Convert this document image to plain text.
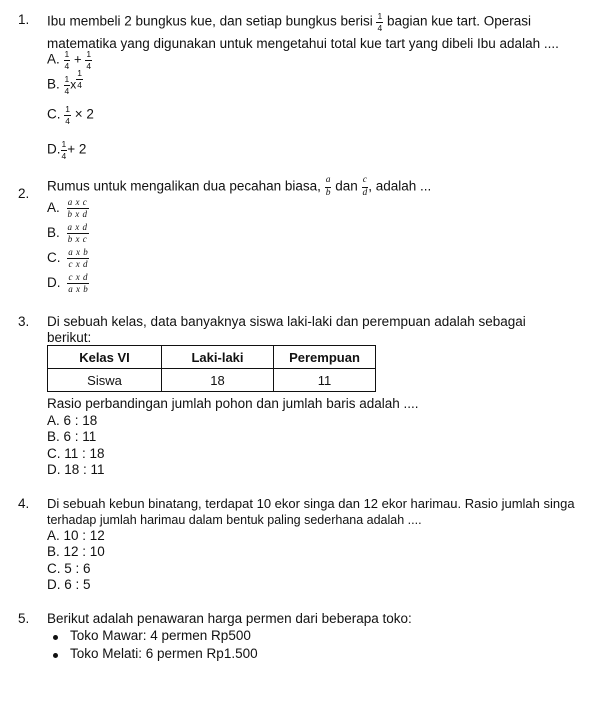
1. Ibu membeli 2 bungkus kue, dan setiap bungkus berisi $\frac{1}{4}$ bagian kue tart. Operasi
matematika yang digunakan untuk mengetahui total kue tart yang dibeli Ibu adalah ....
A. $\frac{1}{4} + \frac{1}{4}$
B. $\frac{1}{4}$ x $\frac{1}{4}$
C. $\frac{1}{4} \times 2$
D. $\frac{1}{4} + 2$
2. Rumus untuk mengalikan dua pecahan biasa, $\frac{a}{b}$ dan $\frac{c}{d}$ , adalah ...
A. $\frac{\text{a x c}}{\text{b x d}}$
B. $\frac{\text{a x d}}{\text{b x c}}$
C. $\frac{\text{a x b}}{\text{c x d}}$
D. $\frac{\text{c x d}}{\text{a x b}}$
3. Di sebuah kelas, data banyaknya siswa laki-laki dan perempuan adalah sebagai
berikut:
Kelas VI	Laki-laki	Perempuan
Siswa	18	11
Rasio perbandingan jumlah pohon dan jumlah baris adalah ....
A. 6 : 18
B. 6 : 11
C. 11 : 18
D. 18 : 11
4. Di sebuah kebun binatang, terdapat 10 ekor singa dan 12 ekor harimau. Rasio jumlah singa
terhadap jumlah harimau dalam bentuk paling sederhana adalah ....
A. 10 : 12
B. 12 : 10
C. 5 : 6
D. 6 : 5
5. Berikut adalah penawaran harga permen dari beberapa toko:
Toko Mawar: 4 permen Rp500
Toko Melati: 6 permen Rp1.500
